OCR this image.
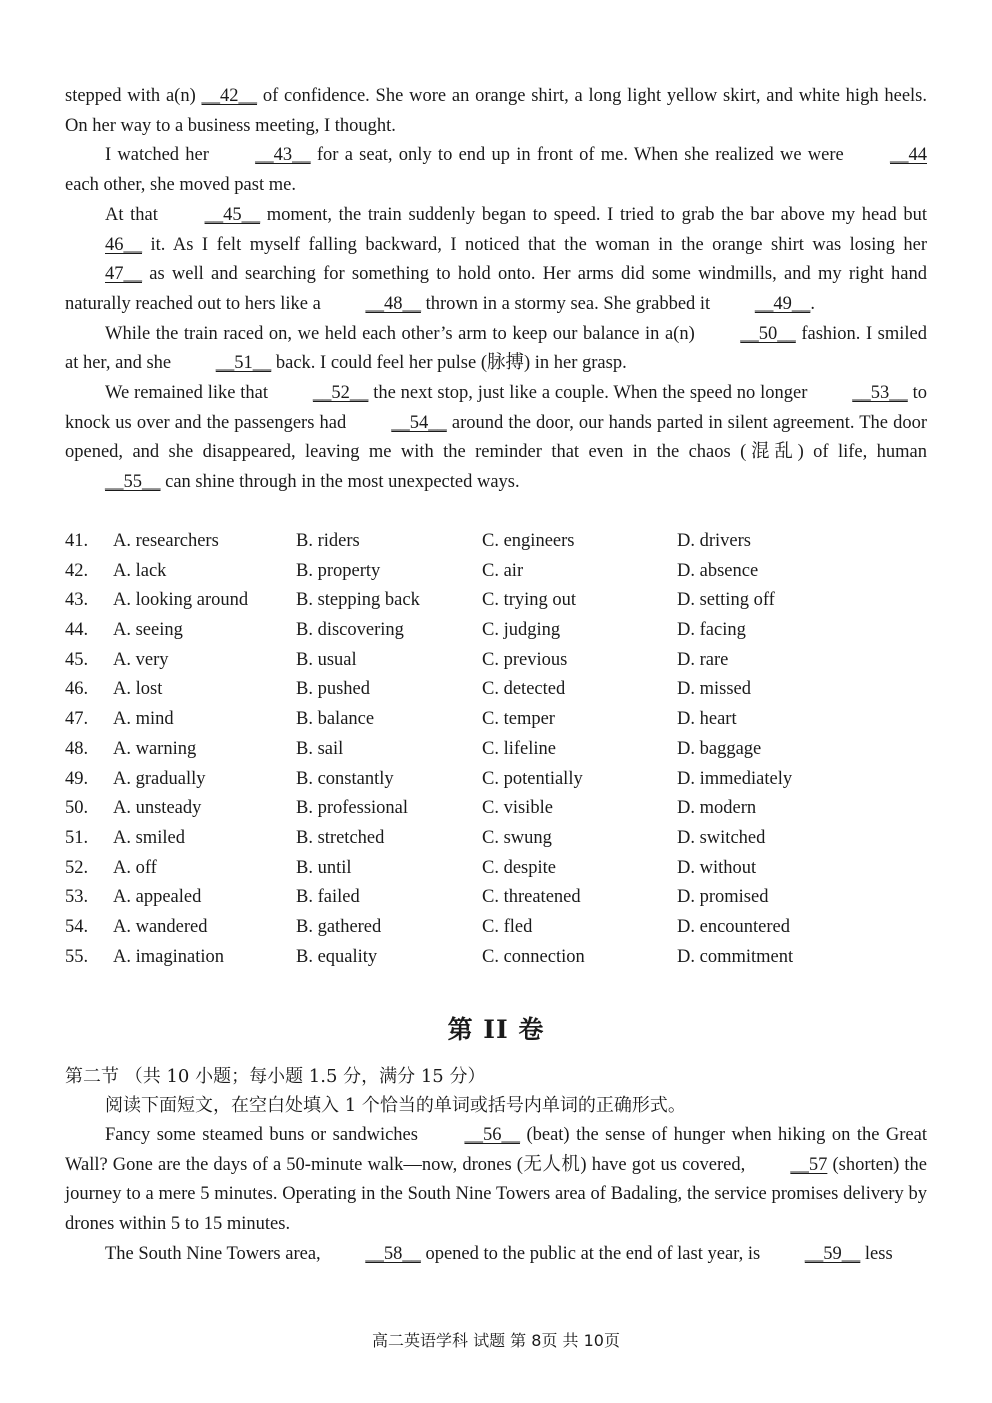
stepped with a(n) __42__ of confidence. She wore an orange shirt, a long light yellow skirt, and white high heels. On her way to a business meeting, I thought.

I watched her __43__ for a seat, only to end up in front of me. When she realized we were __44 each other, she moved past me.

At that __45__ moment, the train suddenly began to speed. I tried to grab the bar above my head but 46__ it. As I felt myself falling backward, I noticed that the woman in the orange shirt was losing her 47__ as well and searching for something to hold onto. Her arms did some windmills, and my right hand naturally reached out to hers like a __48__ thrown in a stormy sea. She grabbed it __49__.

While the train raced on, we held each other’s arm to keep our balance in a(n) __50__ fashion. I smiled at her, and she __51__ back. I could feel her pulse (脉搏) in her grasp.

We remained like that __52__ the next stop, just like a couple. When the speed no longer __53__ to knock us over and the passengers had __54__ around the door, our hands parted in silent agreement. The door opened, and she disappeared, leaving me with the reminder that even in the chaos (混乱) of life, human __55__ can shine through in the most unexpected ways.

41. A. researchers	B. riders	C. engineers	D. drivers
42. A. lack	B. property	C. air	D. absence
43. A. looking around	B. stepping back	C. trying out	D. setting off
44. A. seeing	B. discovering	C. judging	D. facing
45. A. very	B. usual	C. previous	D. rare
46. A. lost	B. pushed	C. detected	D. missed
47. A. mind	B. balance	C. temper	D. heart
48. A. warning	B. sail	C. lifeline	D. baggage
49. A. gradually	B. constantly	C. potentially	D. immediately
50. A. unsteady	B. professional	C. visible	D. modern
51. A. smiled	B. stretched	C. swung	D. switched
52. A. off	B. until	C. despite	D. without
53. A. appealed	B. failed	C. threatened	D. promised
54. A. wandered	B. gathered	C. fled	D. encountered
55. A. imagination	B. equality	C. connection	D. commitment
第 II 卷
第二节 （共 10 小题；每小题 1.5 分，满分 15 分）
阅读下面短文，在空白处填入 1 个恰当的单词或括号内单词的正确形式。

Fancy some steamed buns or sandwiches __56__ (beat) the sense of hunger when hiking on the Great Wall? Gone are the days of a 50-minute walk—now, drones (无人机) have got us covered, __57 (shorten) the journey to a mere 5 minutes. Operating in the South Nine Towers area of Badaling, the service promises delivery by drones within 5 to 15 minutes.

The South Nine Towers area, __58__ opened to the public at the end of last year, is __59__ less

高二英语学科 试题 第 8页 共 10页
